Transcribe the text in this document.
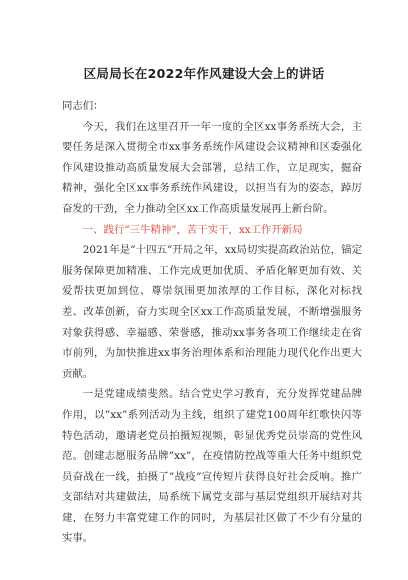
区局局长在2022年作风建设大会上的讲话

同志们：

今天，我们在这里召开一年一度的全区xx事务系统大会，主要任务是深入贯彻全市xx事务系统作风建设会议精神和区委强化作风建设推动高质量发展大会部署，总结工作，立足现实，掘奋精神，强化全区xx事务系统作风建设，以担当有为的姿态，踔厉奋发的干劲，全力推动全区xx工作高质量发展再上新台阶。

一、践行”三牛精神”，苦干实干，xx工作开新局

2021年是”十四五”开局之年，xx局切实提高政治站位，锚定服务保障更加精准、工作完成更加优质、矛盾化解更加有效、关爱帮扶更加到位、尊崇氛围更加浓厚的工作目标，深化对标找差、改革创新，奋力实现全区xx工作高质量发展，不断增强服务对象获得感、幸福感、荣誉感，推动xx事务各项工作继续走在省市前列，为加快推进xx事务治理体系和治理能力现代化作出更大贡献。

一是党建成绩斐然。结合党史学习教育，充分发挥党建品牌作用，以”xx”系列活动为主线，组织了建党100周年红歌快闪等特色活动，邀请老党员拍摄短视频，彰显优秀党员崇高的党性风范。创建志愿服务品牌”xx”，在疫情防控战等重大任务中组织党员奋战在一线，拍摄了”战疫”宣传短片获得良好社会反响。推广支部结对共建做法，局系统下属党支部与基层党组织开展结对共建，在努力丰富党建工作的同时，为基层社区做了不少有分量的实事。
